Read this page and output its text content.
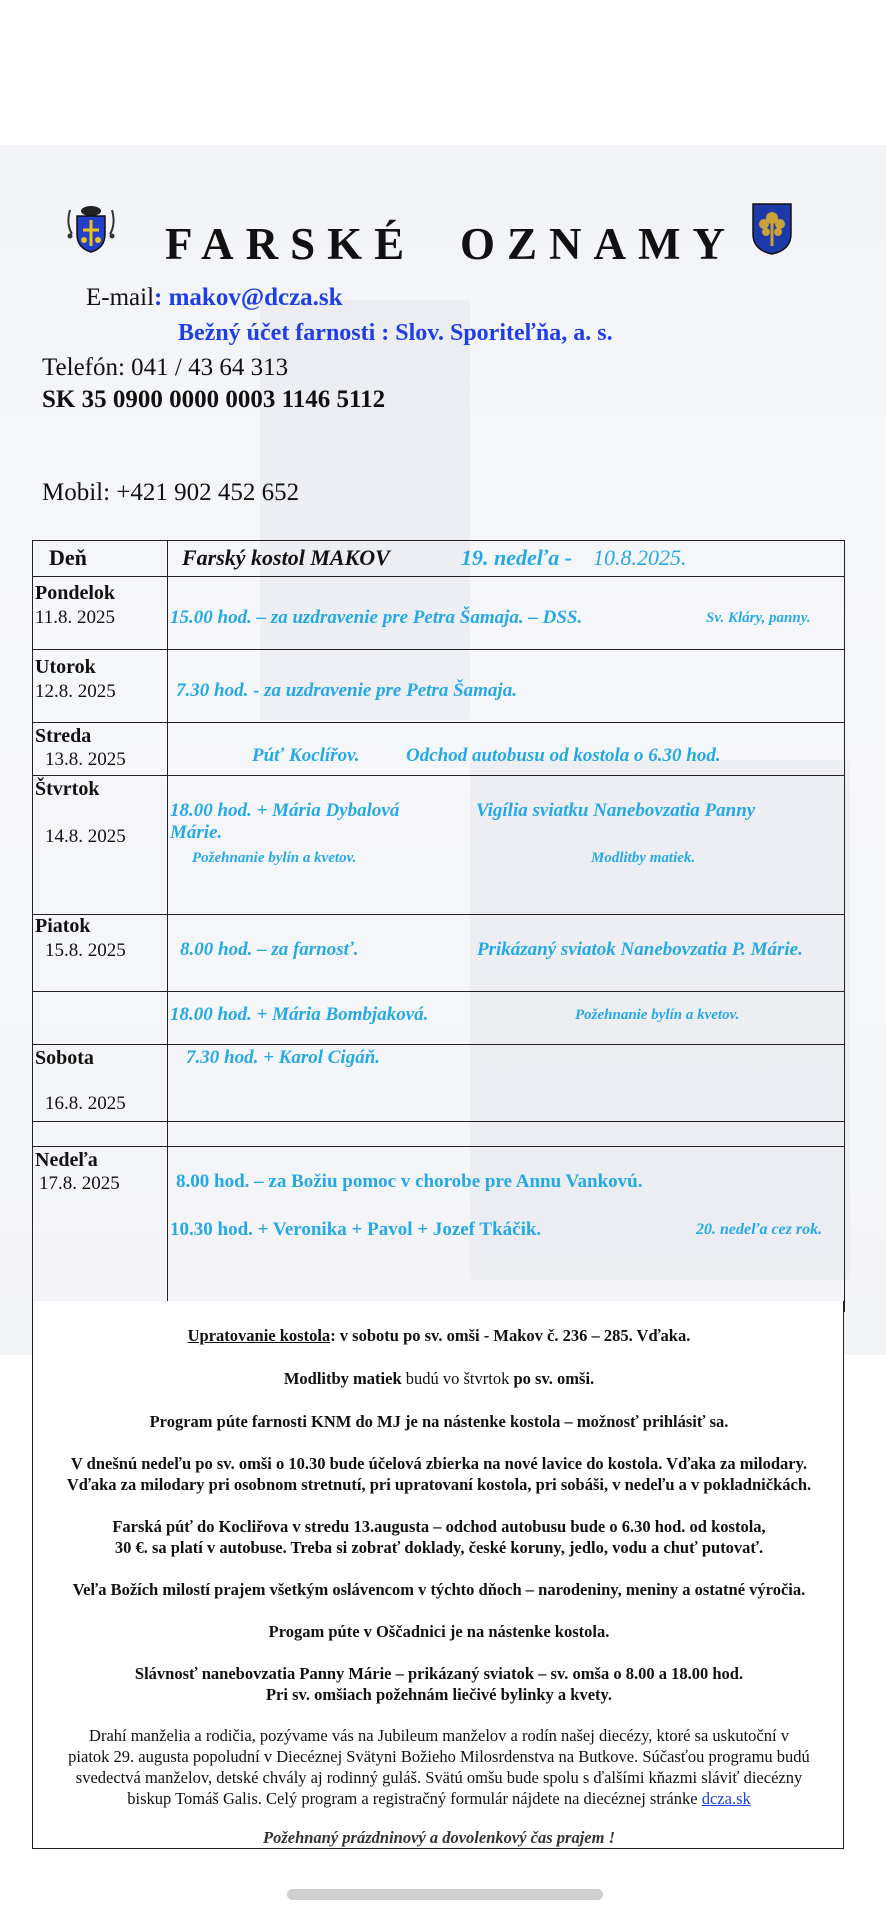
FARSKÉ OZNAMY
E-mail: makov@dcza.sk
Bežný účet farnosti : Slov. Sporiteľňa, a. s.
Telefón: 041 / 43 64 313
SK 35 0900 0000 0003 1146 5112
Mobil: +421 902 452 652
Deň	Farský kostol MAKOV 19. nedeľa - 10.8.2025.

Pondelok
11.8. 2025	15.00 hod. – za uzdravenie pre Petra Šamaja. – DSS. Sv. Kláry, panny.

Utorok
12.8. 2025	7.30 hod. - za uzdravenie pre Petra Šamaja.

Streda
13.8. 2025	Púť Koclířov. Odchod autobusu od kostola o 6.30 hod.

Štvrtok
14.8. 2025	18.00 hod. + Mária Dybalová Vigília sviatku Nanebovzatia Panny
Márie.
Požehnanie bylín a kvetov. Modlitby matiek.

Piatok
15.8. 2025	8.00 hod. – za farnosť. Prikázaný sviatok Nanebovzatia P. Márie.

	18.00 hod. + Mária Bombjaková. Požehnanie bylín a kvetov.

Sobota
16.8. 2025	7.30 hod. + Karol Cigáň.

Nedeľa
17.8. 2025	8.00 hod. – za Božiu pomoc v chorobe pre Annu Vankovú.
10.30 hod. + Veronika + Pavol + Jozef Tkáčik. 20. nedeľa cez rok.
Upratovanie kostola: v sobotu po sv. omši - Makov č. 236 – 285. Vďaka.
Modlitby matiek budú vo štvrtok po sv. omši.
Program púte farnosti KNM do MJ je na nástenke kostola – možnosť prihlásiť sa.
V dnešnú nedeľu po sv. omši o 10.30 bude účelová zbierka na nové lavice do kostola. Vďaka za milodary.
Vďaka za milodary pri osobnom stretnutí, pri upratovaní kostola, pri sobáši, v nedeľu a v pokladničkách.
Farská púť do Kocliřova v stredu 13.augusta – odchod autobusu bude o 6.30 hod. od kostola,
30 €. sa platí v autobuse. Treba si zobrať doklady, české koruny, jedlo, vodu a chuť putovať.
Veľa Božích milostí prajem všetkým oslávencom v týchto dňoch – narodeniny, meniny a ostatné výročia.
Progam púte v Oščadnici je na nástenke kostola.
Slávnosť nanebovzatia Panny Márie – prikázaný sviatok – sv. omša o 8.00 a 18.00 hod.
Pri sv. omšiach požehnám liečivé bylinky a kvety.
Drahí manželia a rodičia, pozývame vás na Jubileum manželov a rodín našej diecézy, ktoré sa uskutoční v
piatok 29. augusta popoludní v Diecéznej Svätyni Božieho Milosrdenstva na Butkove. Súčasťou programu budú
svedectvá manželov, detské chvály aj rodinný guláš. Svätú omšu bude spolu s ďalšími kňazmi sláviť diecézny
biskup Tomáš Galis. Celý program a registračný formulár nájdete na diecéznej stránke dcza.sk
Požehnaný prázdninový a dovolenkový čas prajem !
